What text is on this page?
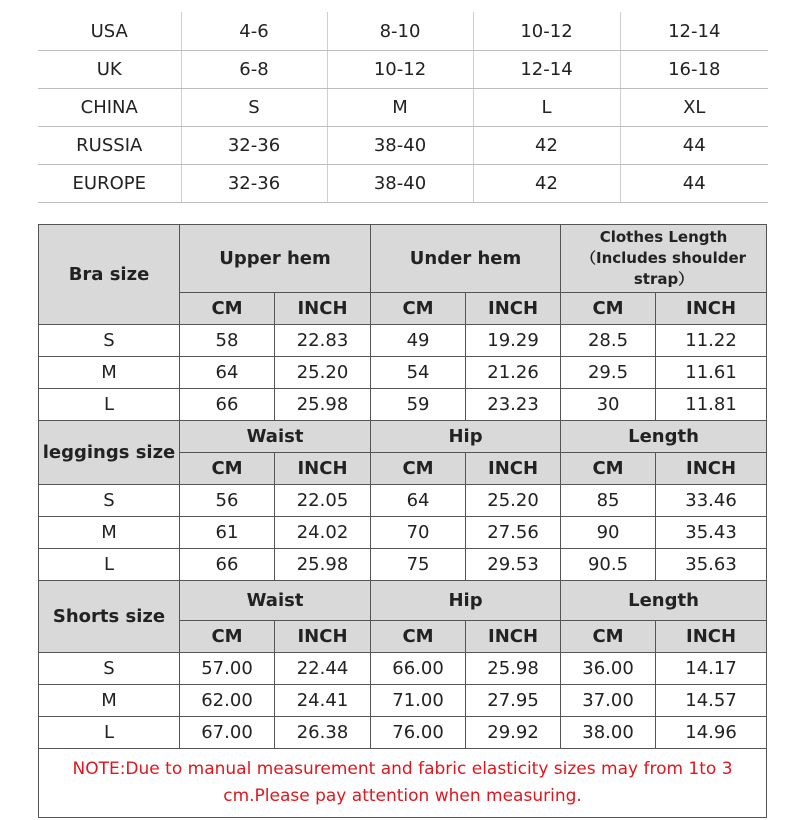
USA	4-6	8-10	10-12	12-14
UK	6-8	10-12	12-14	16-18
CHINA	S	M	L	XL
RUSSIA	32-36	38-40	42	44
EUROPE	32-36	38-40	42	44
Bra size	Upper hem		Under hem		Clothes Length（Includes shoulder strap）	
	CM	INCH	CM	INCH	CM	INCH
S	58	22.83	49	19.29	28.5	11.22
M	64	25.20	54	21.26	29.5	11.61
L	66	25.98	59	23.23	30	11.81
leggings size	Waist		Hip		Length	
	CM	INCH	CM	INCH	CM	INCH
S	56	22.05	64	25.20	85	33.46
M	61	24.02	70	27.56	90	35.43
L	66	25.98	75	29.53	90.5	35.63
Shorts size	Waist		Hip		Length	
	CM	INCH	CM	INCH	CM	INCH
S	57.00	22.44	66.00	25.98	36.00	14.17
M	62.00	24.41	71.00	27.95	37.00	14.57
L	67.00	26.38	76.00	29.92	38.00	14.96
NOTE:Due to manual measurement and fabric elasticity sizes may from 1to 3 cm.Please pay attention when measuring.						
